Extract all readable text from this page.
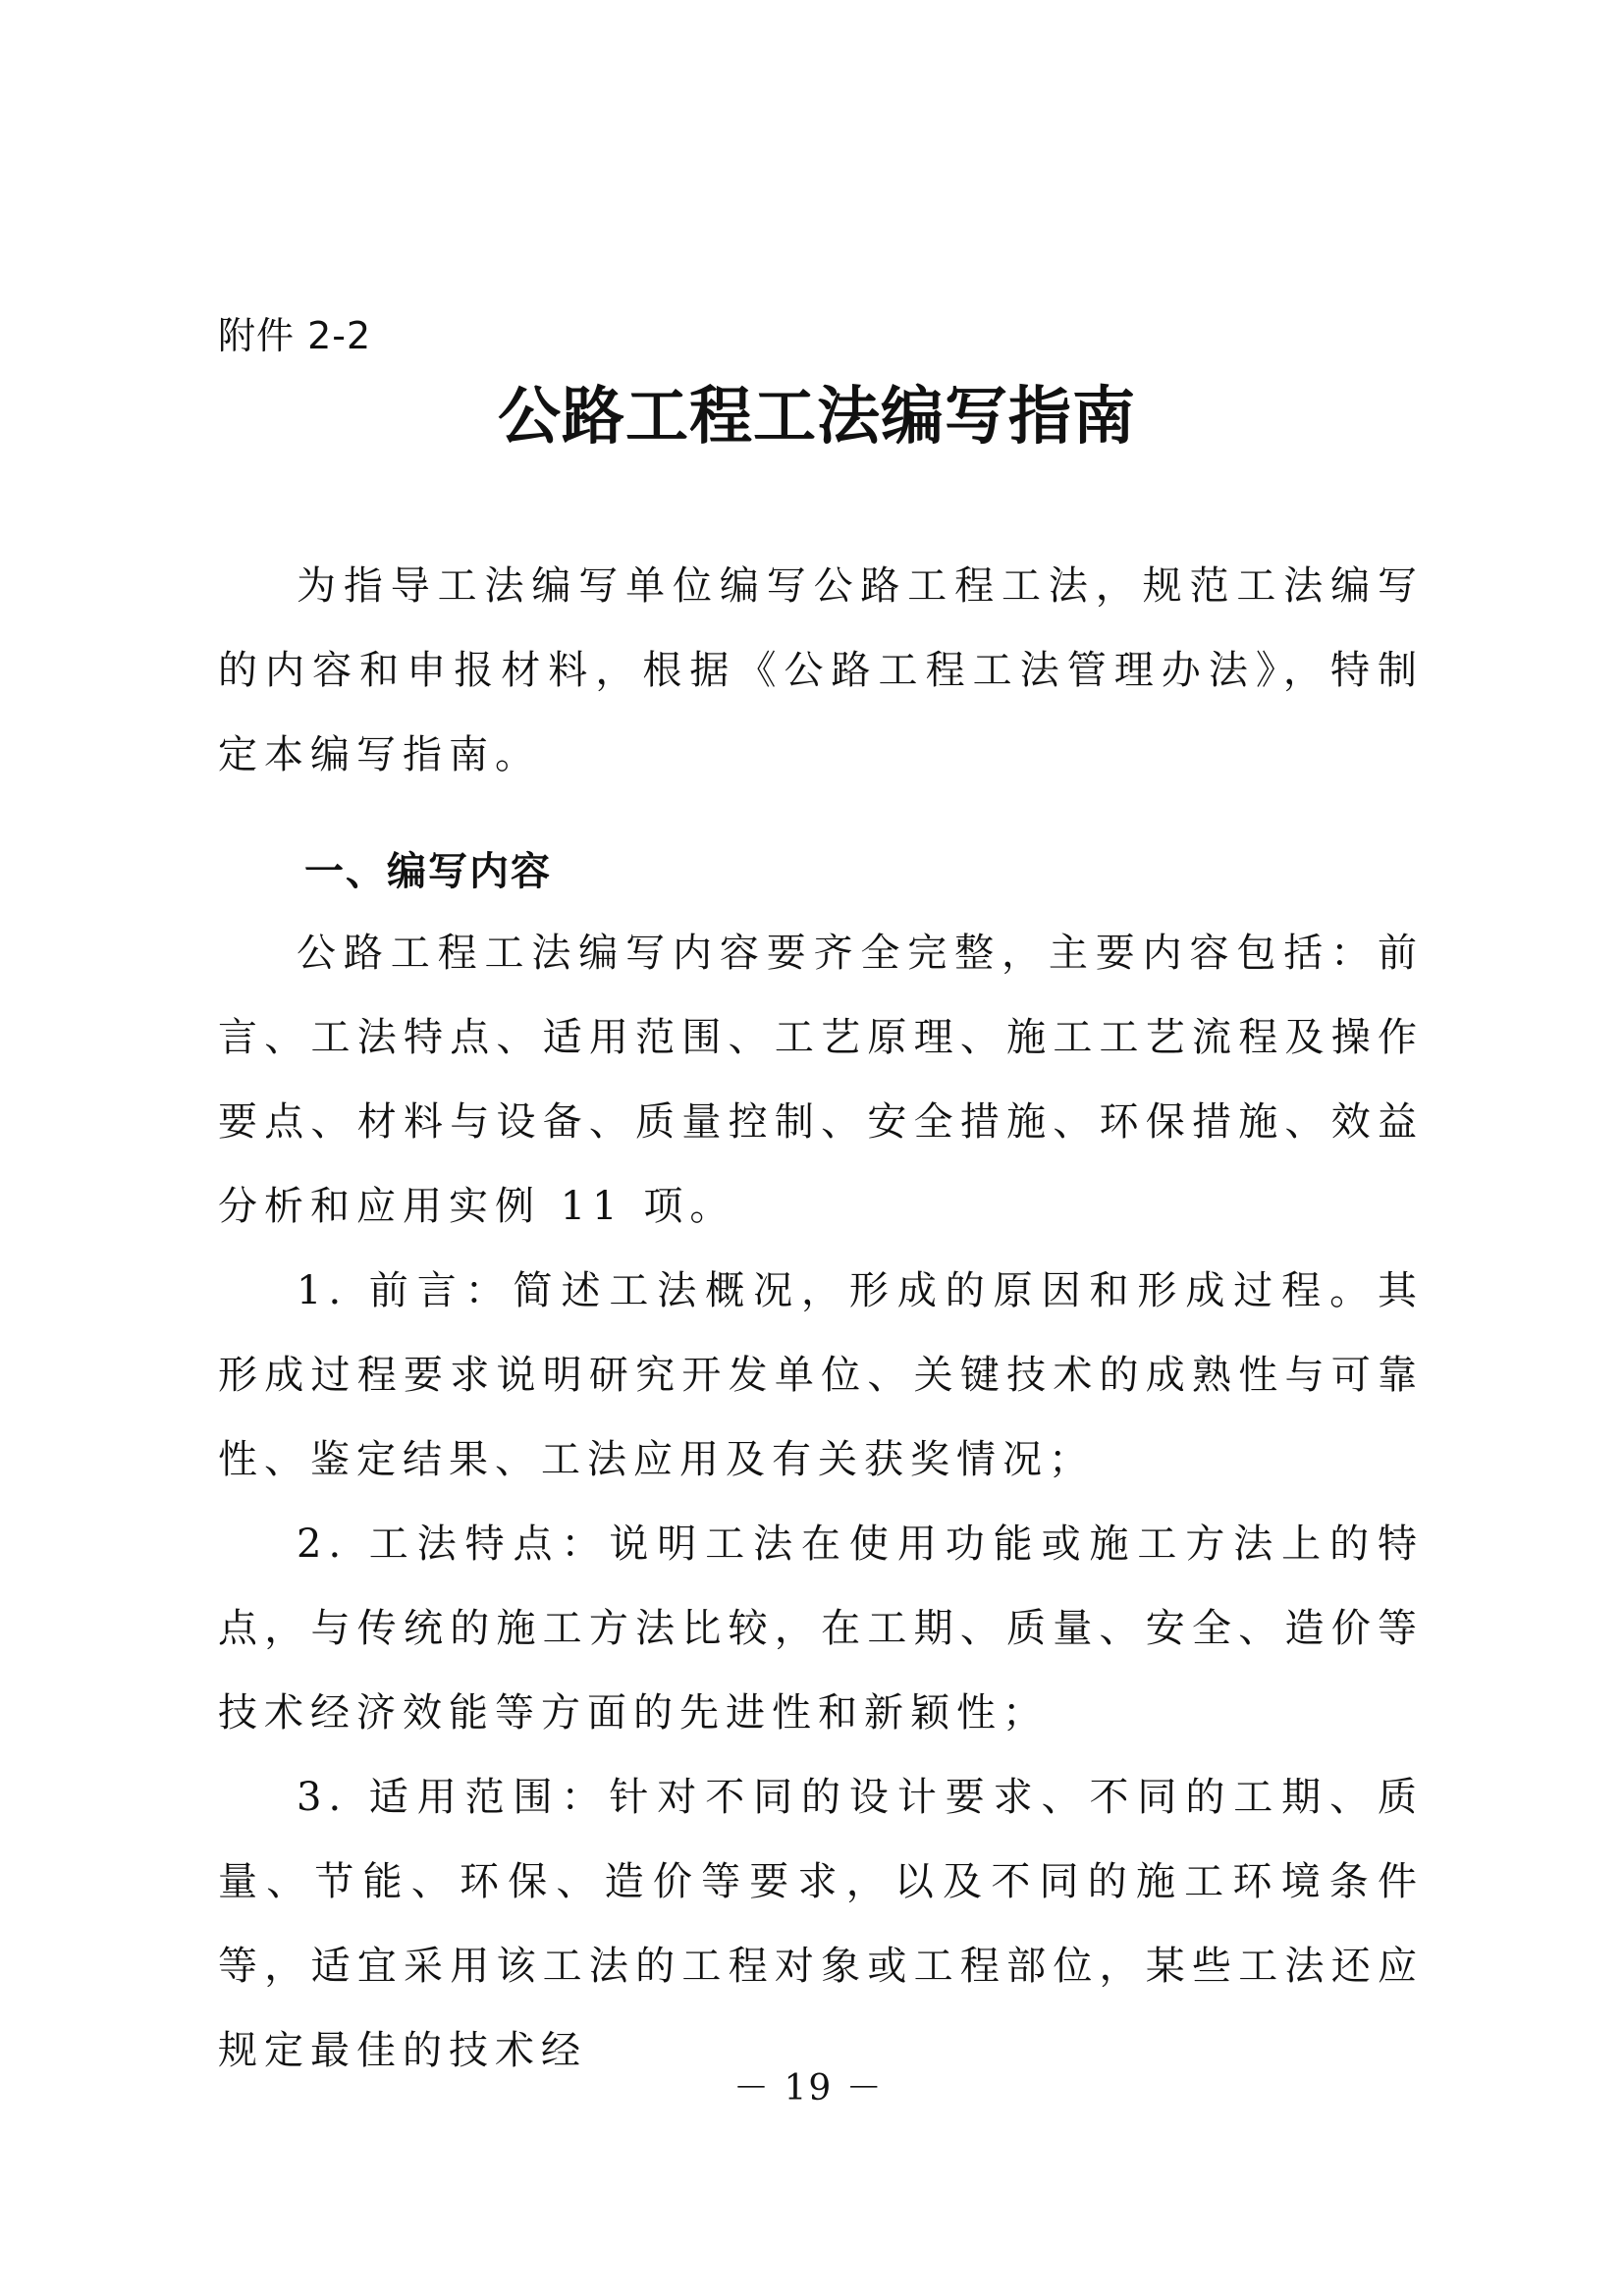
附件 2-2
公路工程工法编写指南

为指导工法编写单位编写公路工程工法，规范工法编写的内容和申报材料，根据《公路工程工法管理办法》，特制定本编写指南。

一、编写内容

公路工程工法编写内容要齐全完整，主要内容包括：前言、工法特点、适用范围、工艺原理、施工工艺流程及操作要点、材料与设备、质量控制、安全措施、环保措施、效益分析和应用实例 11 项。

1. 前言：简述工法概况，形成的原因和形成过程。其形成过程要求说明研究开发单位、关键技术的成熟性与可靠性、鉴定结果、工法应用及有关获奖情况；

2. 工法特点：说明工法在使用功能或施工方法上的特点，与传统的施工方法比较，在工期、质量、安全、造价等技术经济效能等方面的先进性和新颖性；

3. 适用范围：针对不同的设计要求、不同的工期、质量、节能、环保、造价等要求，以及不同的施工环境条件等，适宜采用该工法的工程对象或工程部位，某些工法还应规定最佳的技术经

－ 19 －
